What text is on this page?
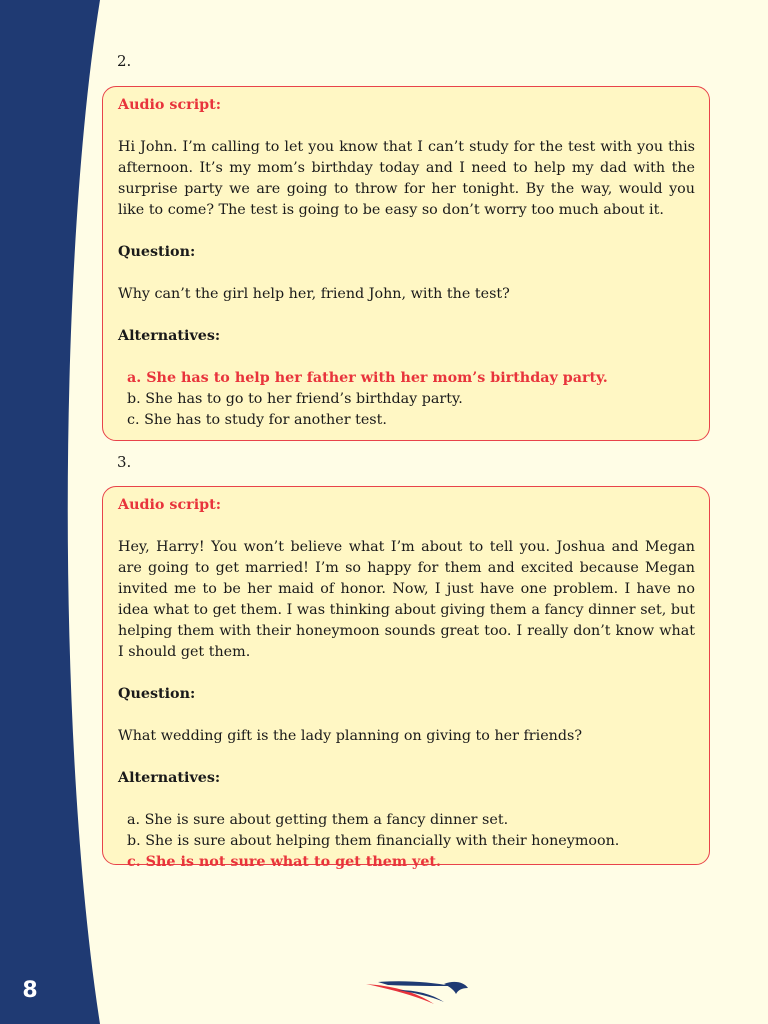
8
2.

Audio script:

Hi John. I’m calling to let you know that I can’t study for the test with you this afternoon. It’s my mom’s birthday today and I need to help my dad with the surprise party we are going to throw for her tonight. By the way, would you like to come? The test is going to be easy so don’t worry too much about it.

Question:

Why can’t the girl help her, friend John, with the test?

Alternatives:

a. She has to help her father with her mom’s birthday party.

b. She has to go to her friend’s birthday party.

c. She has to study for another test.

3.

Audio script:

Hey, Harry! You won’t believe what I’m about to tell you. Joshua and Megan are going to get married! I’m so happy for them and excited because Megan invited me to be her maid of honor. Now, I just have one problem. I have no idea what to get them. I was thinking about giving them a fancy dinner set, but helping them with their honeymoon sounds great too. I really don’t know what I should get them.

Question:

What wedding gift is the lady planning on giving to her friends?

Alternatives:

a. She is sure about getting them a fancy dinner set.

b. She is sure about helping them financially with their honeymoon.

c. She is not sure what to get them yet.
